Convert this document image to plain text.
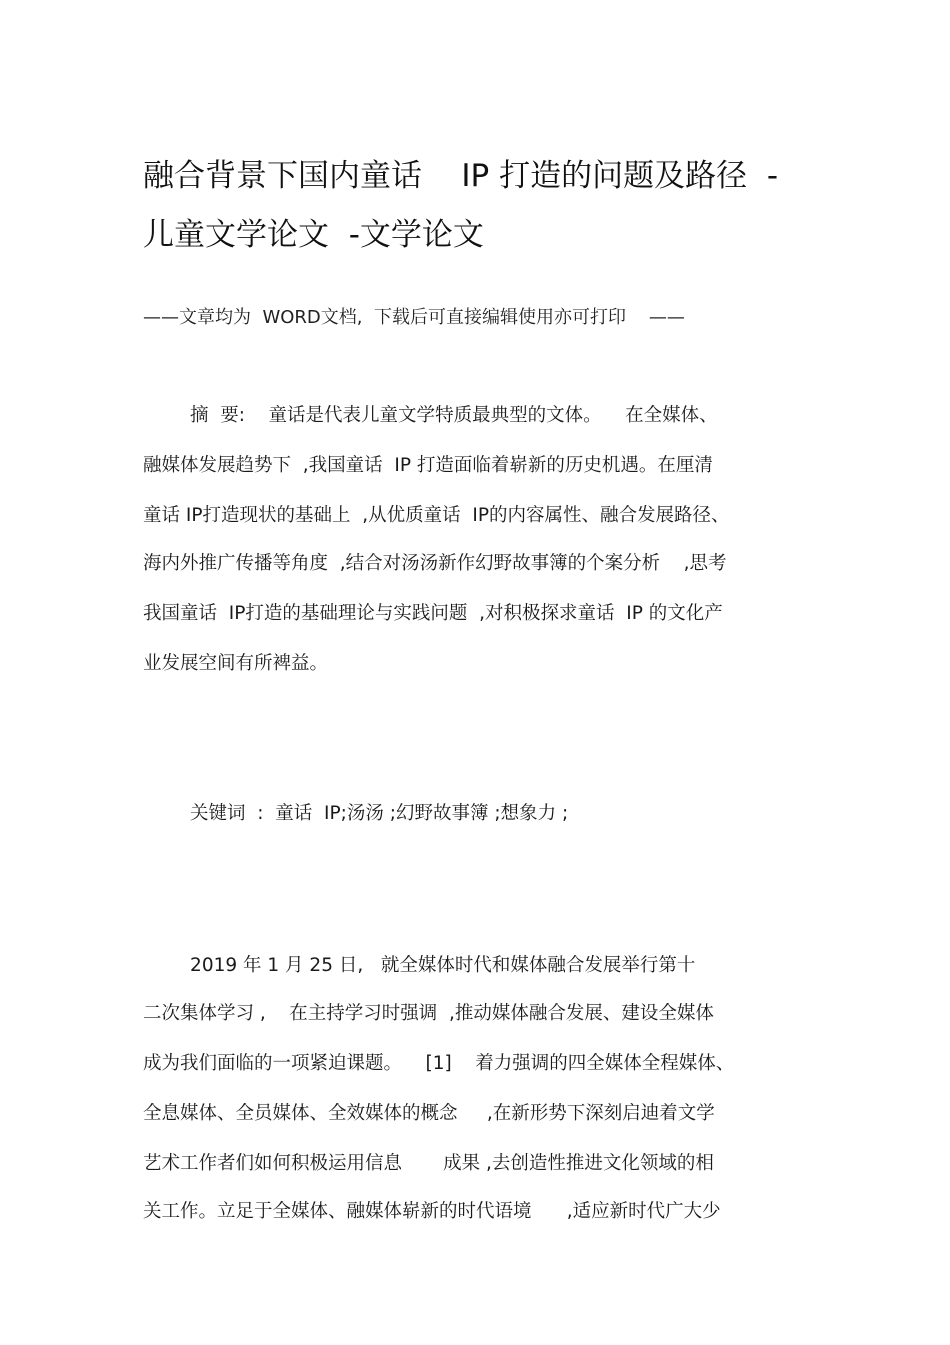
融合背景下国内童话    IP 打造的问题及路径  -
儿童文学论文  -文学论文
——文章均为  WORD文档,  下载后可直接编辑使用亦可打印    ——
摘  要:    童话是代表儿童文学特质最典型的文体。    在全媒体、
融媒体发展趋势下  ,我国童话  IP 打造面临着崭新的历史机遇。在厘清
童话 IP打造现状的基础上  ,从优质童话  IP的内容属性、融合发展路径、
海内外推广传播等角度  ,结合对汤汤新作幻野故事簿的个案分析    ,思考
我国童话  IP打造的基础理论与实践问题  ,对积极探求童话  IP 的文化产
业发展空间有所裨益。
关键词  :  童话  IP;汤汤 ;幻野故事簿 ;想象力 ;
2019 年 1 月 25 日,   就全媒体时代和媒体融合发展举行第十
二次集体学习 ,    在主持学习时强调  ,推动媒体融合发展、建设全媒体
成为我们面临的一项紧迫课题。    [1]    着力强调的四全媒体全程媒体、
全息媒体、全员媒体、全效媒体的概念     ,在新形势下深刻启迪着文学
艺术工作者们如何积极运用信息       成果 ,去创造性推进文化领域的相
关工作。立足于全媒体、融媒体崭新的时代语境      ,适应新时代广大少
